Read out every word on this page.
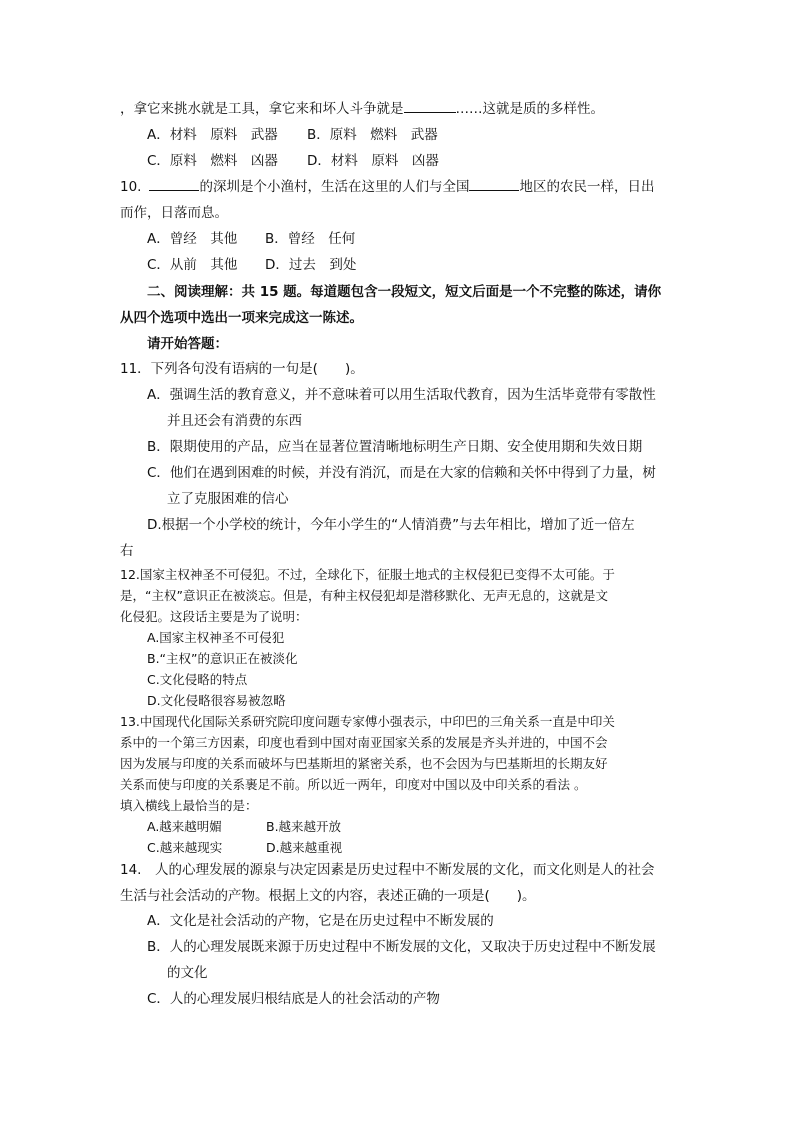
，拿它来挑水就是工具，拿它来和坏人斗争就是	……这就是质的多样性。
A．材料　原料　武器 B．原料　燃料　武器
C．原料　燃料　凶器 D．材料　原料　凶器
10.	的深圳是个小渔村，生活在这里的人们与全国	地区的农民一样，日出
而作，日落而息。
A．曾经　其他 B．曾经　任何
C．从前　其他 D．过去　到处
二、阅读理解：共 15 题。每道题包含一段短文，短文后面是一个不完整的陈述，请你
从四个选项中选出一项来完成这一陈述。
请开始答题：
11．下列各句没有语病的一句是(　　)。
A．强调生活的教育意义，并不意味着可以用生活取代教育，因为生活毕竟带有零散性
并且还会有消费的东西
B．限期使用的产品，应当在显著位置清晰地标明生产日期、安全使用期和失效日期
C．他们在遇到困难的时候，并没有消沉，而是在大家的信赖和关怀中得到了力量，树
立了克服困难的信心
D.根据一个小学校的统计，今年小学生的“人情消费”与去年相比，增加了近一倍左
右
12.国家主权神圣不可侵犯。不过，全球化下，征服土地式的主权侵犯已变得不太可能。于
是，“主权”意识正在被淡忘。但是，有种主权侵犯却是潜移默化、无声无息的，这就是文
化侵犯。这段话主要是为了说明：
A.国家主权神圣不可侵犯
B.“主权”的意识正在被淡化
C.文化侵略的特点
D.文化侵略很容易被忽略
13.中国现代化国际关系研究院印度问题专家傅小强表示，中印巴的三角关系一直是中印关
系中的一个第三方因素，印度也看到中国对南亚国家关系的发展是齐头并进的，中国不会
因为发展与印度的关系而破坏与巴基斯坦的紧密关系，也不会因为与巴基斯坦的长期友好
关系而使与印度的关系裹足不前。所以近一两年，印度对中国以及中印关系的看法 。
填入横线上最恰当的是：
A.越来越明媚	B.越来越开放
C.越来越现实	D.越来越重视
14.　人的心理发展的源泉与决定因素是历史过程中不断发展的文化，而文化则是人的社会
生活与社会活动的产物。根据上文的内容，表述正确的一项是(　　)。
A．文化是社会活动的产物，它是在历史过程中不断发展的
B．人的心理发展既来源于历史过程中不断发展的文化，又取决于历史过程中不断发展
的文化
C．人的心理发展归根结底是人的社会活动的产物
